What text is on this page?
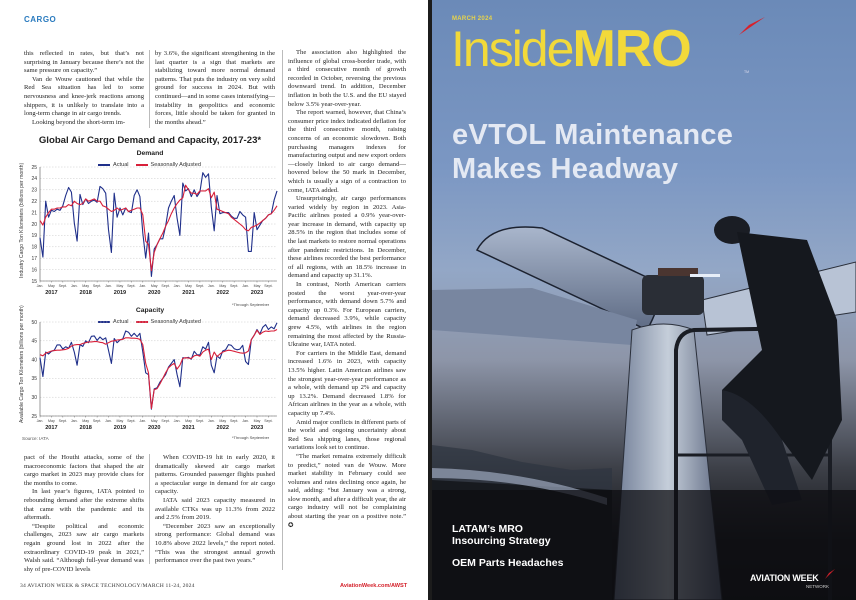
CARGO

this reflected in rates, but that’s not surprising in January because there’s not the same pressure on capacity.”

Van de Wouw cautioned that while the Red Sea situation has led to some nervousness and knee-jerk reactions among shippers, it is unlikely to translate into a long-term change in air cargo trends.

Looking beyond the short-term im-

by 3.6%, the significant strengthening in the last quarter is a sign that markets are stabilizing toward more normal demand patterns. That puts the industry on very solid ground for success in 2024. But with continued—and in some cases intensifying—instability in geopolitics and economic forces, little should be taken for granted in the months ahead.”

Global Air Cargo Demand and Capacity, 2017-23*
Demand
Actual	Seasonally Adjusted
Industry Cargo Ton Kilometers (billions per month)
15
16
17
18
19
20
21
22
23
24
25
Jan. May Sept.
2017
Jan. May Sept.
2018
Jan. May Sept.
2019
Jan. May Sept.
2020
Jan. May Sept.
2021
Jan. May Sept.
2022
Jan. May Sept.
2023
*Through September
Capacity
Actual	Seasonally Adjusted
Available Cargo Ton Kilometers (billions per month) 25
30
35
40
45
50
Jan. May Sept.
2017
Jan. May Sept.
2018
Jan. May Sept.
2019
Jan. May Sept.
2020
Jan. May Sept.
2021
Jan. May Sept.
2022
Jan. May Sept.
2023
*Through September
Source: IATA

pact of the Houthi attacks, some of the macroeconomic factors that shaped the air cargo market in 2023 may provide clues for the months to come.

In last year’s figures, IATA pointed to rebounding demand after the extreme shifts that came with the pandemic and its aftermath.

“Despite political and economic challenges, 2023 saw air cargo markets regain ground lost in 2022 after the extraordinary COVID-19 peak in 2021,” Walsh said. “Although full-year demand was shy of pre-COVID levels

When COVID-19 hit in early 2020, it dramatically skewed air cargo market patterns. Grounded passenger flights pushed a spectacular surge in demand for air cargo capacity.

IATA said 2023 capacity measured in available CTKs was up 11.3% from 2022 and 2.5% from 2019.

“December 2023 saw an exceptionally strong performance: Global demand was 10.8% above 2022 levels,” the report noted. “This was the strongest annual growth performance over the past two years.”

The association also highlighted the influence of global cross-border trade, with a third consecutive month of growth recorded in October, reversing the previous downward trend. In addition, December inflation in both the U.S. and the EU stayed below 3.5% year-over-year.

The report warned, however, that China’s consumer price index indicated deflation for the third consecutive month, raising concerns of an economic slowdown. Both purchasing managers indexes for manufacturing output and new export orders—closely linked to air cargo demand—hovered below the 50 mark in December, which is usually a sign of a contraction to come, IATA added.

Unsurprisingly, air cargo performances varied widely by region in 2023. Asia-Pacific airlines posted a 0.9% year-over-year increase in demand, with capacity up 28.5% in the region that includes some of the last markets to restore normal operations after pandemic restrictions. In December, these airlines recorded the best performance of all regions, with an 18.5% increase in demand and capacity up 31.1%.

In contrast, North American carriers posted the worst year-over-year performance, with demand down 5.7% and capacity up 0.3%. For European carriers, demand decreased 3.9%, while capacity grew 4.5%, with airlines in the region remaining the most affected by the Russia-Ukraine war, IATA noted.

For carriers in the Middle East, demand increased 1.6% in 2023, with capacity 13.5% higher. Latin American airlines saw the strongest year-over-year performance as a whole, with demand up 2% and capacity up 13.2%. Demand decreased 1.8% for African airlines in the year as a whole, with capacity up 7.4%.

Amid major conflicts in different parts of the world and ongoing uncertainty about Red Sea shipping lanes, those regional variations look set to continue.

“The market remains extremely difficult to predict,” noted van de Wouw. More market stability in February could see volumes and rates declining once again, he said, adding: “but January was a strong, slow month, and after a difficult year, the air cargo industry will not be complaining about starting the year on a positive note.” ✪

34 AVIATION WEEK & SPACE TECHNOLOGY/MARCH 11-24, 2024	AviationWeek.com/AWST
MARCH 2024
InsideMRO	TM
eVTOL Maintenance
Makes Headway
LATAM’s MRO
Insourcing Strategy
OEM Parts Headaches
AVIATION WEEK
NETWORK
